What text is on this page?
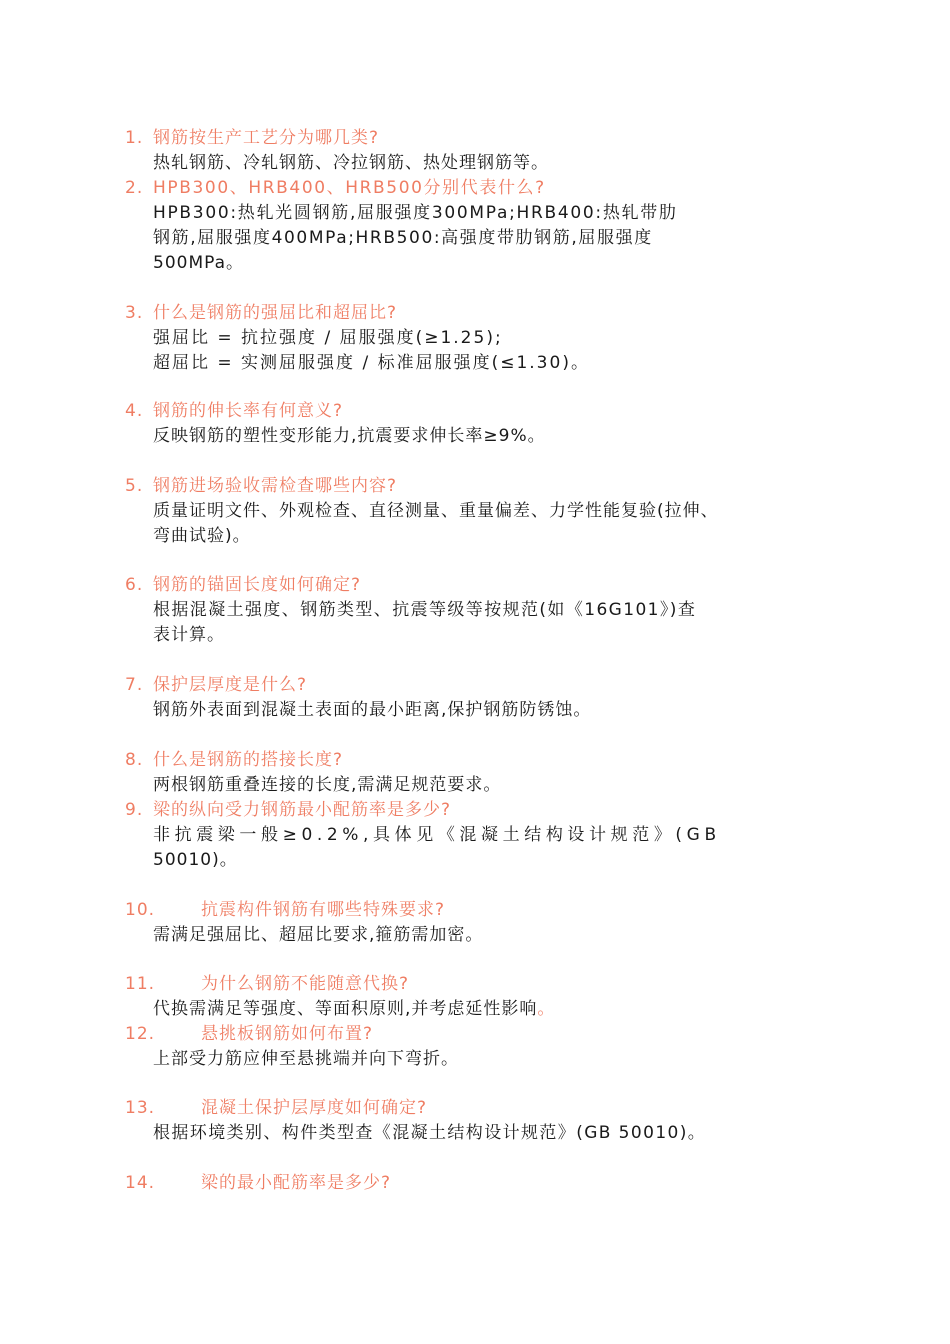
1. 钢筋按生产工艺分为哪几类?
热轧钢筋、冷轧钢筋、冷拉钢筋、热处理钢筋等。
2. HPB300、HRB400、HRB500分别代表什么?
HPB300:热轧光圆钢筋,屈服强度300MPa;HRB400:热轧带肋
钢筋,屈服强度400MPa;HRB500:高强度带肋钢筋,屈服强度
500MPa。
3. 什么是钢筋的强屈比和超屈比?
强屈比 = 抗拉强度 / 屈服强度(≥1.25);
超屈比 = 实测屈服强度 / 标准屈服强度(≤1.30)。
4. 钢筋的伸长率有何意义?
反映钢筋的塑性变形能力,抗震要求伸长率≥9%。
5. 钢筋进场验收需检查哪些内容?
质量证明文件、外观检查、直径测量、重量偏差、力学性能复验(拉伸、
弯曲试验)。
6. 钢筋的锚固长度如何确定?
根据混凝土强度、钢筋类型、抗震等级等按规范(如《16G101》)查
表计算。
7. 保护层厚度是什么?
钢筋外表面到混凝土表面的最小距离,保护钢筋防锈蚀。
8. 什么是钢筋的搭接长度?
两根钢筋重叠连接的长度,需满足规范要求。
9. 梁的纵向受力钢筋最小配筋率是多少?
非抗震梁一般≥0.2%,具体见《混凝土结构设计规范》(GB
50010)。
10.	抗震构件钢筋有哪些特殊要求?
需满足强屈比、超屈比要求,箍筋需加密。
11.	为什么钢筋不能随意代换?
代换需满足等强度、等面积原则,并考虑延性影响。
12.	悬挑板钢筋如何布置?
上部受力筋应伸至悬挑端并向下弯折。
13.	混凝土保护层厚度如何确定?
根据环境类别、构件类型查《混凝土结构设计规范》(GB 50010)。
14.	梁的最小配筋率是多少?
